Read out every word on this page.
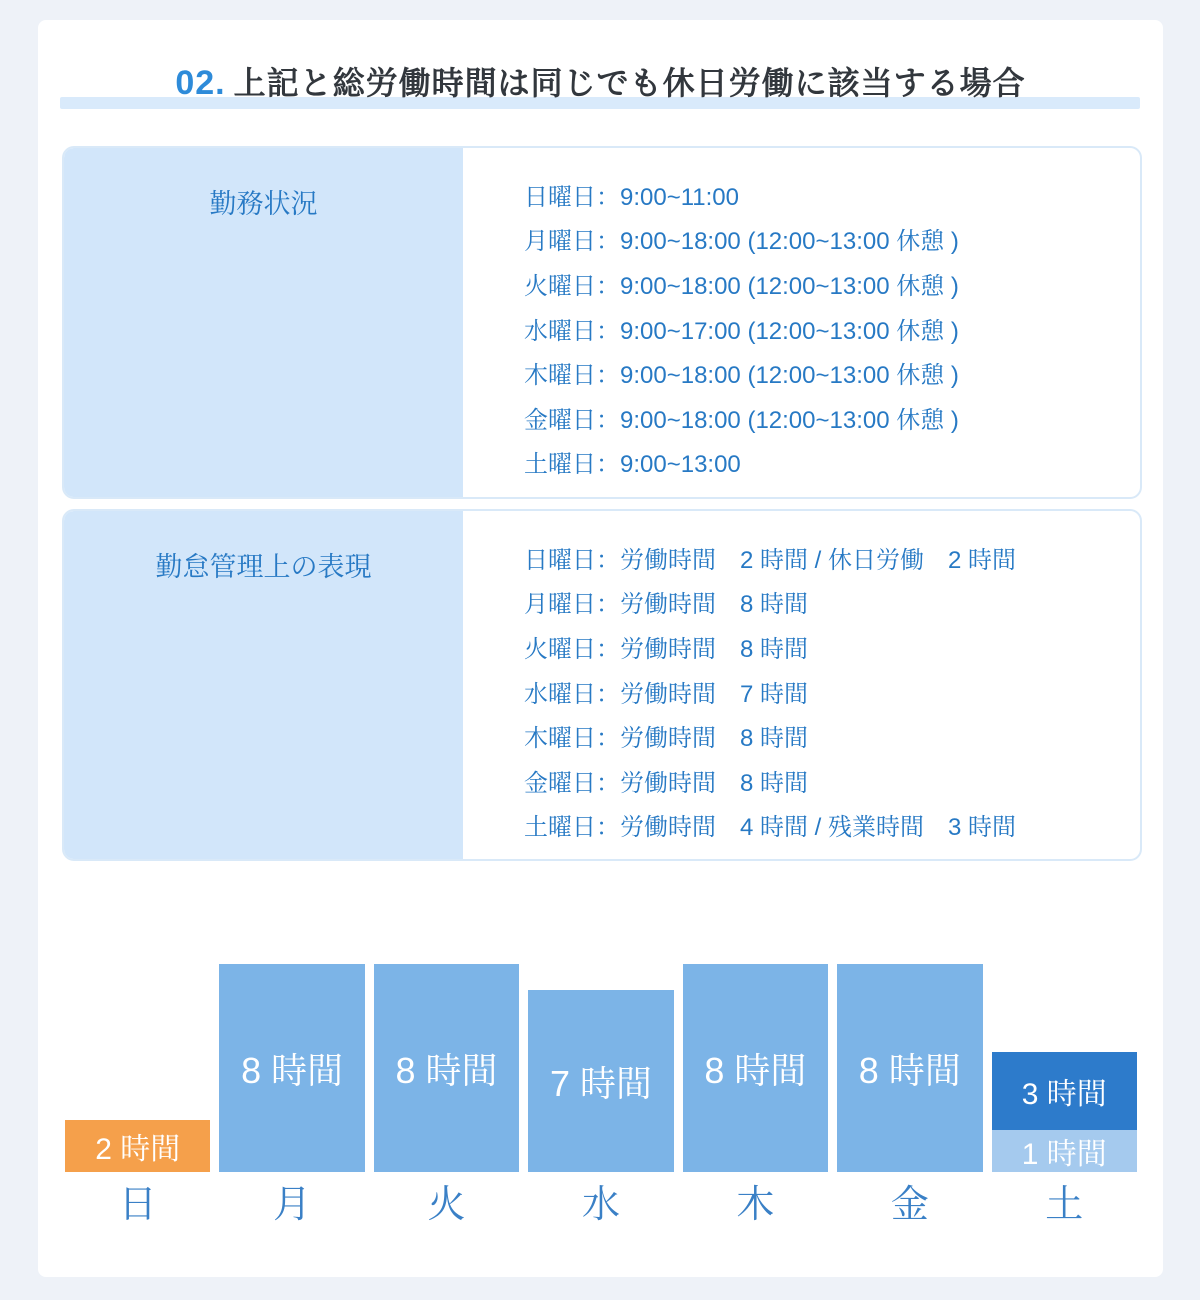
02. 上記と総労働時間は同じでも休日労働に該当する場合
勤務状況	日曜日：9:00~11:00
月曜日：9:00~18:00 (12:00~13:00 休憩 )
火曜日：9:00~18:00 (12:00~13:00 休憩 )
水曜日：9:00~17:00 (12:00~13:00 休憩 )
木曜日：9:00~18:00 (12:00~13:00 休憩 )
金曜日：9:00~18:00 (12:00~13:00 休憩 )
土曜日：9:00~13:00
勤怠管理上の表現	日曜日：労働時間　2 時間 / 休日労働　2 時間
月曜日：労働時間　8 時間
火曜日：労働時間　8 時間
水曜日：労働時間　7 時間
木曜日：労働時間　8 時間
金曜日：労働時間　8 時間
土曜日：労働時間　4 時間 / 残業時間　3 時間
2 時間
8 時間 8 時間 7 時間 8 時間 8 時間
3 時間
1 時間
日	月	火	水	木	金	土
